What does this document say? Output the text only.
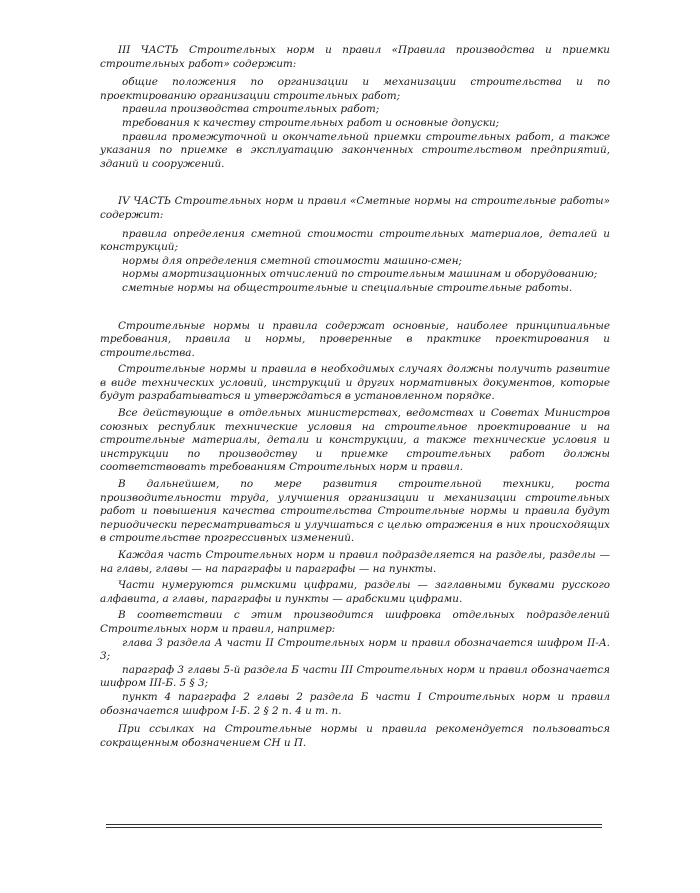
III ЧАСТЬ Строительных норм и правил «Правила производства и приемки строительных работ» содержит:

общие положения по организации и механизации строительства и по проектированию организации строительных работ;

правила производства строительных работ;

требования к качеству строительных работ и основные допуски;

правила промежуточной и окончательной приемки строительных работ, а также указания по приемке в эксплуатацию законченных строительством предприятий, зданий и сооружений.

IV ЧАСТЬ Строительных норм и правил «Сметные нормы на строительные работы» содержит:

правила определения сметной стоимости строительных материалов, деталей и конструкций;

нормы для определения сметной стоимости машино-смен;

нормы амортизационных отчислений по строительным машинам и оборудованию;

сметные нормы на общестроительные и специальные строительные работы.

Строительные нормы и правила содержат основные, наиболее принципиальные требования, правила и нормы, проверенные в практике проектирования и строительства.

Строительные нормы и правила в необходимых случаях должны получить развитие в виде технических условий, инструкций и других нормативных документов, которые будут разрабатываться и утверждаться в установленном порядке.

Все действующие в отдельных министерствах, ведомствах и Советах Министров союзных республик технические условия на строительное проектирование и на строительные материалы, детали и конструкции, а также технические условия и инструкции по производству и приемке строительных работ должны соответствовать требованиям Строительных норм и правил.

В дальнейшем, по мере развития строительной техники, роста производительности труда, улучшения организации и механизации строительных работ и повышения качества строительства Строительные нормы и правила будут периодически пересматриваться и улучшаться с целью отражения в них происходящих в строительстве прогрессивных изменений.

Каждая часть Строительных норм и правил подразделяется на разделы, разделы — на главы, главы — на параграфы и параграфы — на пункты.

Части нумеруются римскими цифрами, разделы — заглавными буквами русского алфавита, а главы, параграфы и пункты — арабскими цифрами.

В соответствии с этим производится шифровка отдельных подразделений Строительных норм и правил, например:

глава 3 раздела А части II Строительных норм и правил обозначается шифром II-А. 3;

параграф 3 главы 5-й раздела Б части III Строительных норм и правил обозначается шифром III-Б. 5 § 3;

пункт 4 параграфа 2 главы 2 раздела Б части I Строительных норм и правил обозначается шифром I-Б. 2 § 2 п. 4 и т. п.

При ссылках на Строительные нормы и правила рекомендуется пользоваться сокращенным обозначением СН и П.
